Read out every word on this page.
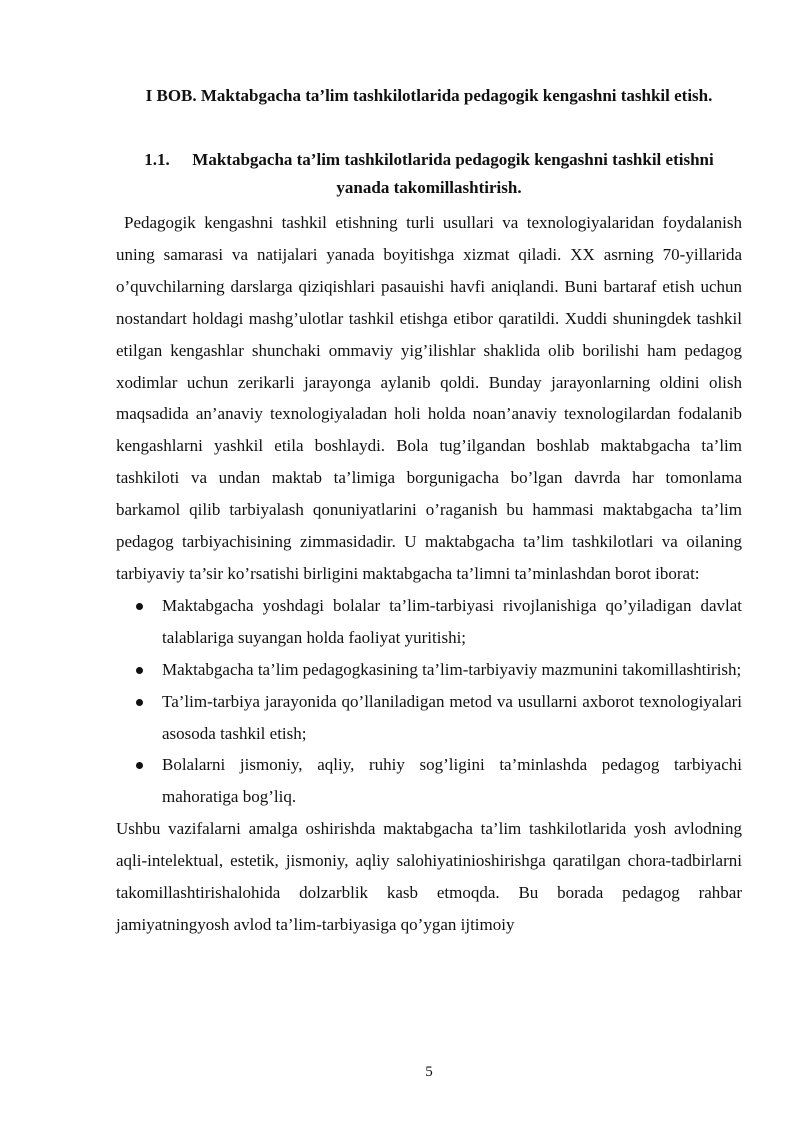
I BOB. Maktabgacha ta’lim tashkilotlarida pedagogik kengashni tashkil etish.
1.1. Maktabgacha ta’lim tashkilotlarida pedagogik kengashni tashkil etishni yanada takomillashtirish.

Pedagogik kengashni tashkil etishning turli usullari va texnologiyalaridan foydalanish uning samarasi va natijalari yanada boyitishga xizmat qiladi. XX asrning 70-yillarida o’quvchilarning darslarga qiziqishlari pasauishi havfi aniqlandi. Buni bartaraf etish uchun nostandart holdagi mashg’ulotlar tashkil etishga etibor qaratildi. Xuddi shuningdek tashkil etilgan kengashlar shunchaki ommaviy yig’ilishlar shaklida olib borilishi ham pedagog xodimlar uchun zerikarli jarayonga aylanib qoldi. Bunday jarayonlarning oldini olish maqsadida an’anaviy texnologiyaladan holi holda noan’anaviy texnologilardan fodalanib kengashlarni yashkil etila boshlaydi. Bola tug’ilgandan boshlab maktabgacha ta’lim tashkiloti va undan maktab ta’limiga borgunigacha bo’lgan davrda har tomonlama barkamol qilib tarbiyalash qonuniyatlarini o’raganish bu hammasi maktabgacha ta’lim pedagog tarbiyachisining zimmasidadir. U maktabgacha ta’lim tashkilotlari va oilaning tarbiyaviy ta’sir ko’rsatishi birligini maktabgacha ta’limni ta’minlashdan borot iborat:

Maktabgacha yoshdagi bolalar ta’lim-tarbiyasi rivojlanishiga qo’yiladigan davlat talablariga suyangan holda faoliyat yuritishi;
Maktabgacha ta’lim pedagogkasining ta’lim-tarbiyaviy mazmunini takomillashtirish;
Ta’lim-tarbiya jarayonida qo’llaniladigan metod va usullarni axborot texnologiyalari asosoda tashkil etish;
Bolalarni jismoniy, aqliy, ruhiy sog’ligini ta’minlashda pedagog tarbiyachi mahoratiga bog’liq.

Ushbu vazifalarni amalga oshirishda maktabgacha ta’lim tashkilotlarida yosh avlodning aqli-intelektual, estetik, jismoniy, aqliy salohiyatinioshirishga qaratilgan chora-tadbirlarni takomillashtirishalohida dolzarblik kasb etmoqda. Bu borada pedagog rahbar jamiyatningyosh avlod ta’lim-tarbiyasiga qo’ygan ijtimoiy

5
